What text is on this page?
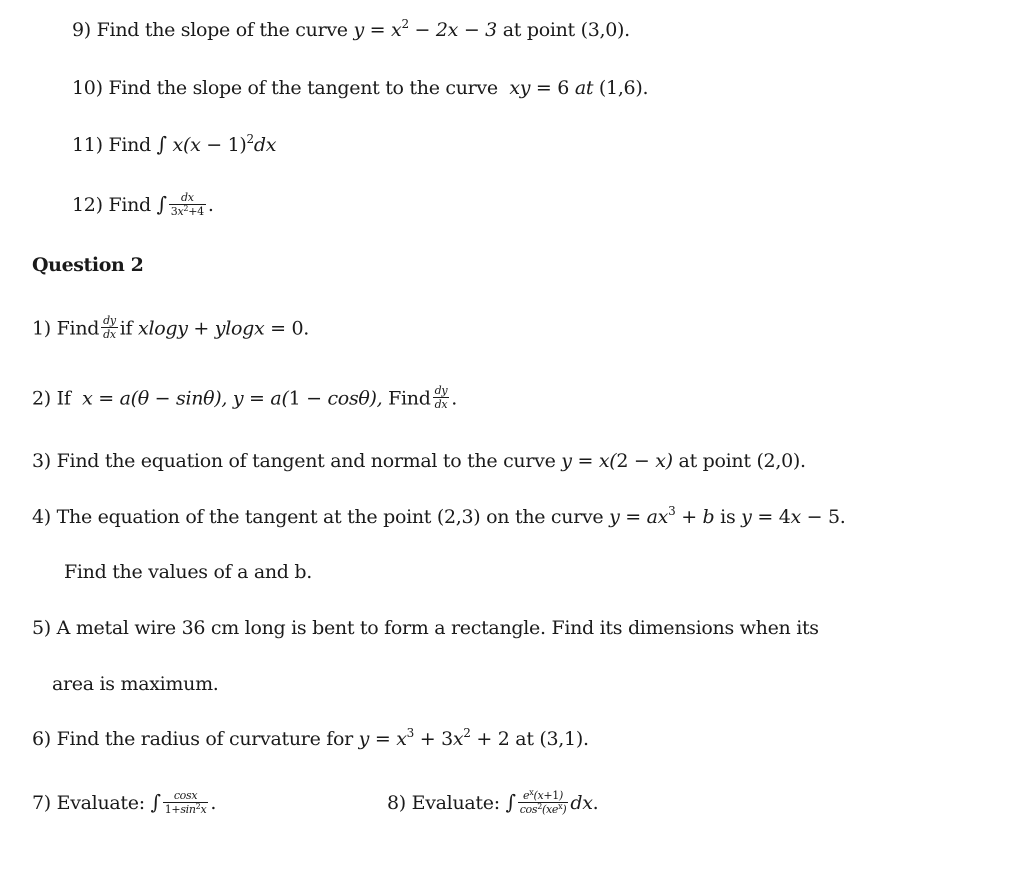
9) Find the slope of the curve $y = x^2 - 2x - 3$ at point (3,0).
10) Find the slope of the tangent to the curve  xy = 6 at (1,6).
11) Find ∫ $x(x - 1)^2dx$
12) Find ∫ $\frac{dx}{3x^2+4}$ .
Question 2
1) Find $\frac{dy}{dx}$ if xlogy + ylogx = 0.
2) If  x = a(θ − sinθ), y = a(1 − cosθ), Find $\frac{dy}{dx}$ .
3) Find the equation of tangent and normal to the curve y = x(2 − x) at point (2,0).
4) The equation of the tangent at the point (2,3) on the curve $y = ax^3 + b$ is y = 4x − 5.
Find the values of a and b.
5) A metal wire 36 cm long is bent to form a rectangle. Find its dimensions when its
area is maximum.
6) Find the radius of curvature for $y = x^3 + 3x^2 + 2$ at (3,1).
7) Evaluate: ∫ $\frac{\cos x}{1+\sin^2x}$ .	8) Evaluate: ∫ $\frac{e^x(x+1)}{\cos^2(xe^x)}$ dx.
